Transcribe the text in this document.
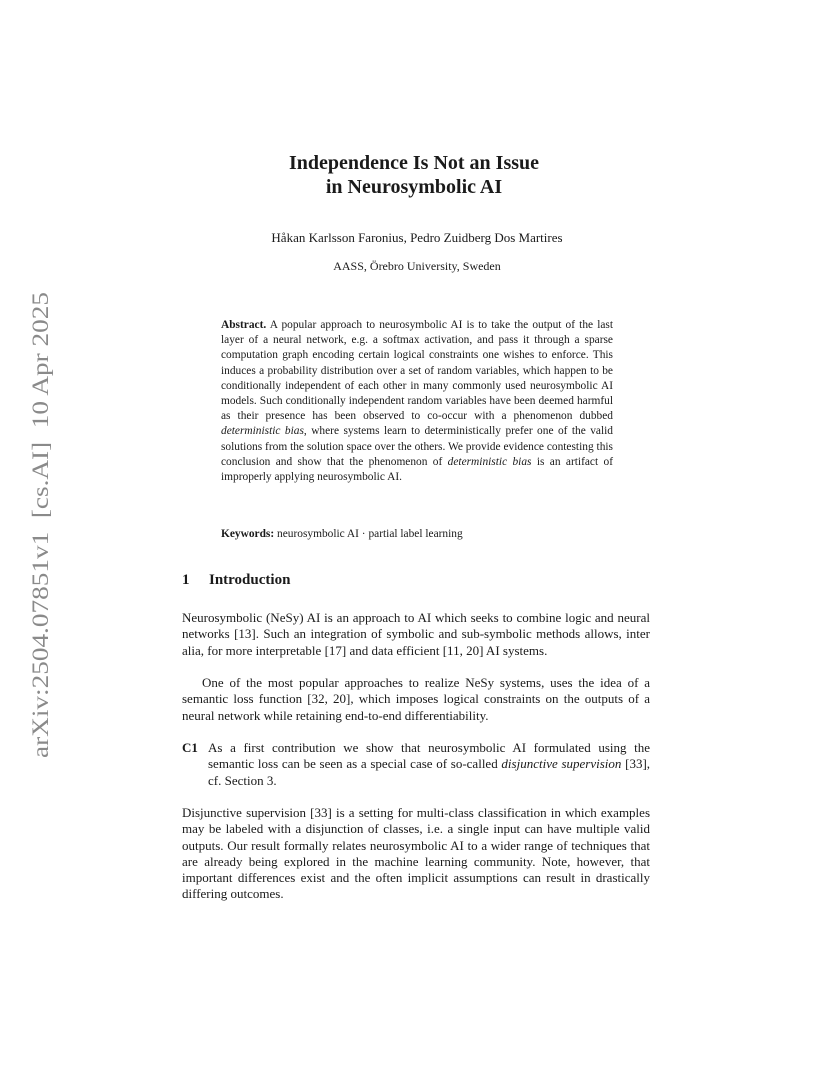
arXiv:2504.07851v1  [cs.AI]  10 Apr 2025
Independence Is Not an Issue
in Neurosymbolic AI
Håkan Karlsson Faronius, Pedro Zuidberg Dos Martires
AASS, Örebro University, Sweden
Abstract. A popular approach to neurosymbolic AI is to take the output of the last layer of a neural network, e.g. a softmax activation, and pass it through a sparse computation graph encoding certain logical constraints one wishes to enforce. This induces a probability distribution over a set of random variables, which happen to be conditionally independent of each other in many commonly used neurosymbolic AI models. Such conditionally independent random variables have been deemed harmful as their presence has been observed to co-occur with a phenomenon dubbed deterministic bias, where systems learn to deterministically prefer one of the valid solutions from the solution space over the others. We provide evidence contesting this conclusion and show that the phenomenon of deterministic bias is an artifact of improperly applying neurosymbolic AI.
Keywords: neurosymbolic AI · partial label learning
1 Introduction

Neurosymbolic (NeSy) AI is an approach to AI which seeks to combine logic and neural networks [13]. Such an integration of symbolic and sub-symbolic methods allows, inter alia, for more interpretable [17] and data efficient [11, 20] AI systems.

One of the most popular approaches to realize NeSy systems, uses the idea of a semantic loss function [32, 20], which imposes logical constraints on the outputs of a neural network while retaining end-to-end differentiability.

C1 As a first contribution we show that neurosymbolic AI formulated using the semantic loss can be seen as a special case of so-called disjunctive supervision [33], cf. Section 3.

Disjunctive supervision [33] is a setting for multi-class classification in which examples may be labeled with a disjunction of classes, i.e. a single input can have multiple valid outputs. Our result formally relates neurosymbolic AI to a wider range of techniques that are already being explored in the machine learning community. Note, however, that important differences exist and the often implicit assumptions can result in drastically differing outcomes.
